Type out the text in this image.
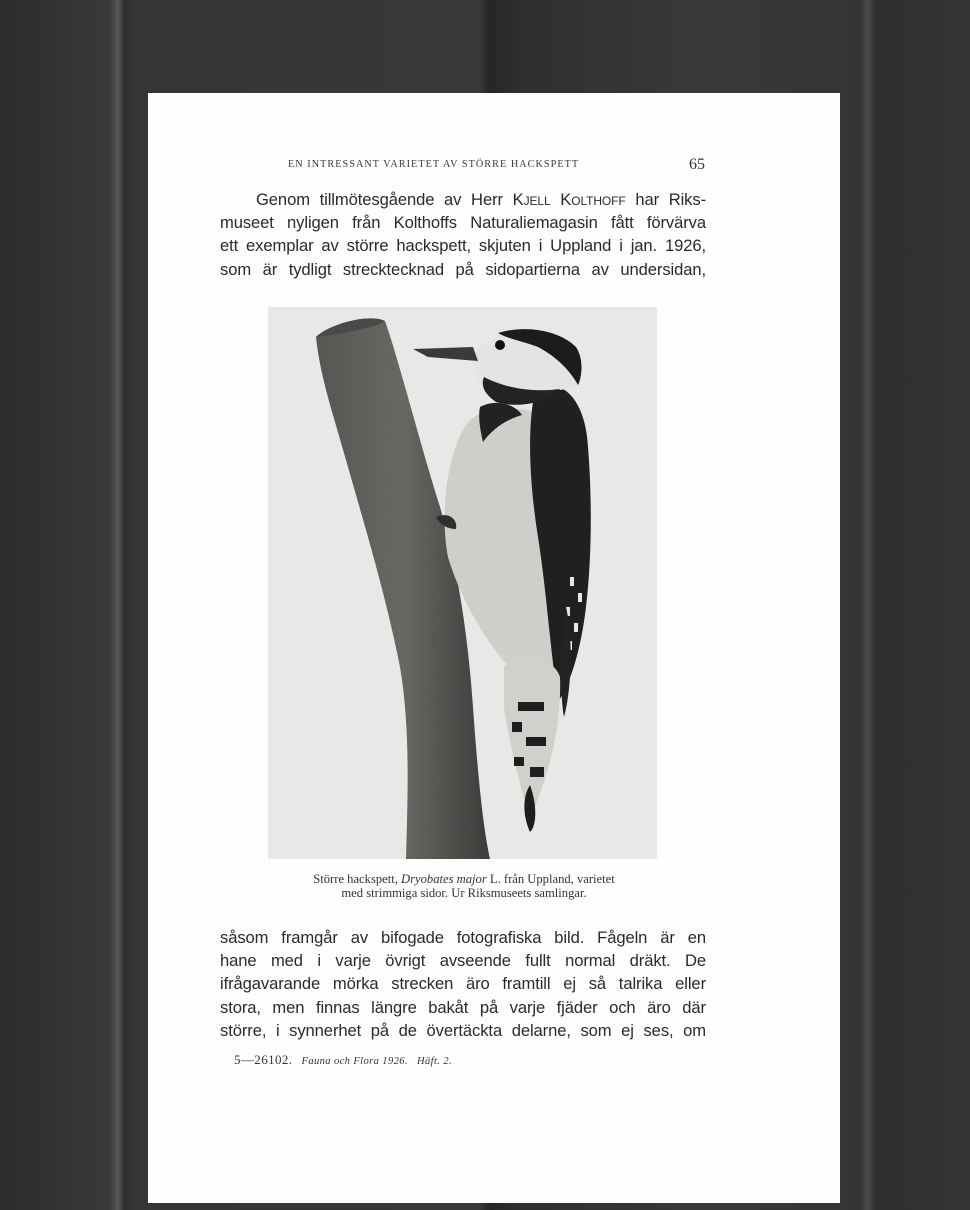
EN INTRESSANT VARIETET AV STÖRRE HACKSPETT	65
Genom tillmötesgående av Herr Kjell Kolthoff har Riks-
museet nyligen från Kolthoffs Naturaliemagasin fått förvärva
ett exemplar av större hackspett, skjuten i Uppland i jan. 1926,
som är tydligt strecktecknad på sidopartierna av undersidan,
Större hackspett, Dryobates major L. från Uppland, varietet
med strimmiga sidor. Ur Riksmuseets samlingar.
såsom framgår av bifogade fotografiska bild. Fågeln är en
hane med i varje övrigt avseende fullt normal dräkt. De
ifrågavarande mörka strecken äro framtill ej så talrika eller
stora, men finnas längre bakåt på varje fjäder och äro där
större, i synnerhet på de övertäckta delarne, som ej ses, om
5—26102. Fauna och Flora 1926. Häft. 2.
